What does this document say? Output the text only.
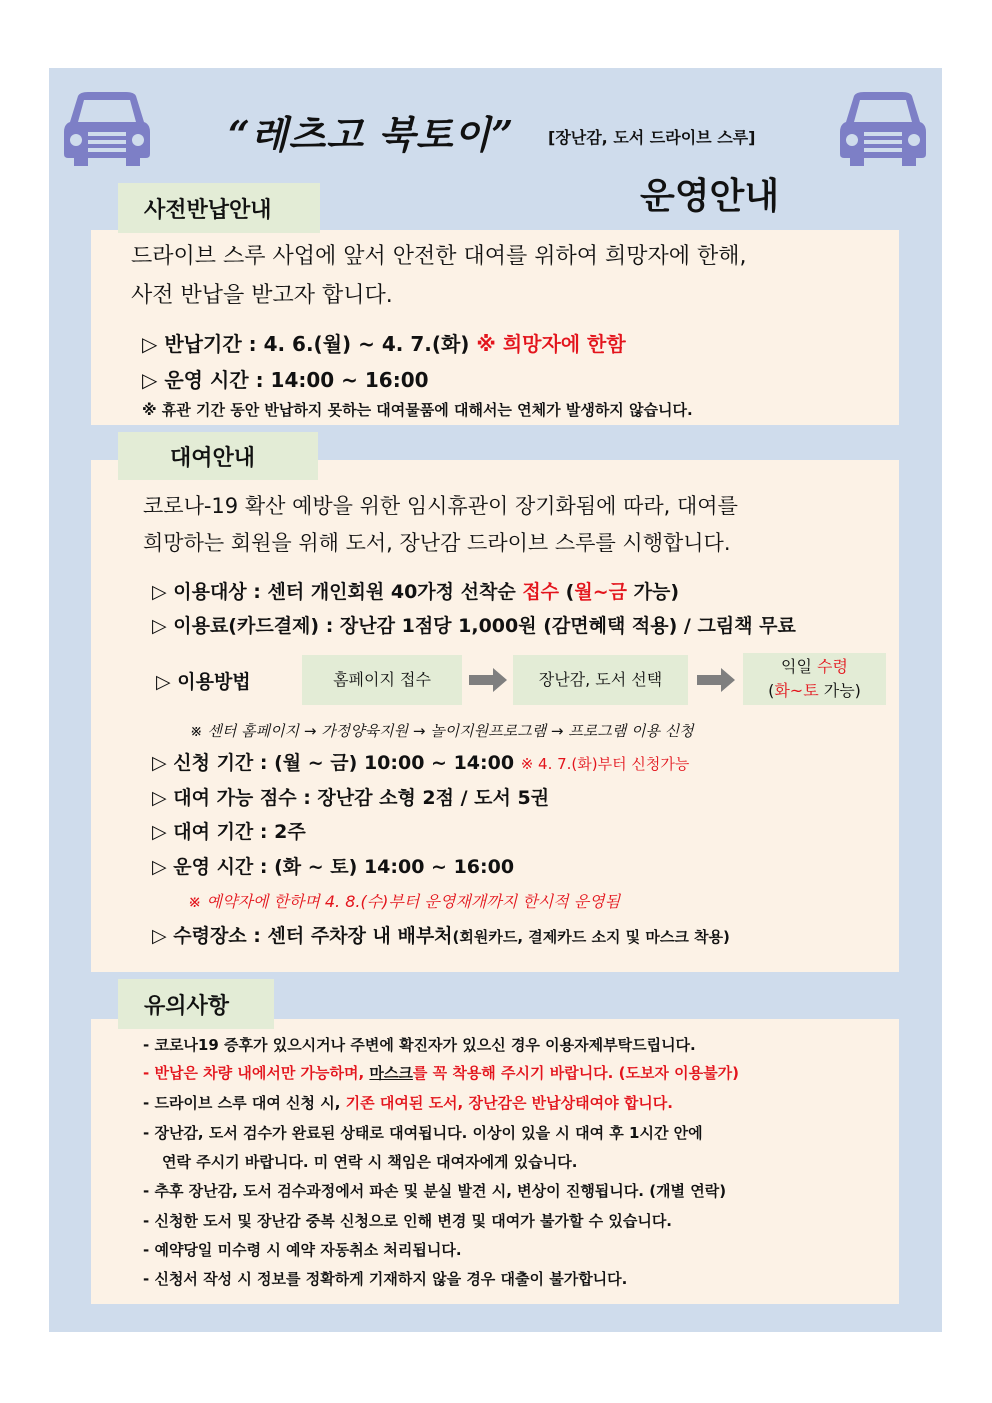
“레츠고 북토이” [장난감, 도서 드라이브 스루]
운영안내
사전반납안내
드라이브 스루 사업에 앞서 안전한 대여를 위하여 희망자에 한해,
사전 반납을 받고자 합니다.
▷ 반납기간 : 4. 6.(월) ~ 4. 7.(화) ※ 희망자에 한함
▷ 운영 시간 : 14:00 ~ 16:00
※ 휴관 기간 동안 반납하지 못하는 대여물품에 대해서는 연체가 발생하지 않습니다.
대여안내
코로나-19 확산 예방을 위한 임시휴관이 장기화됨에 따라, 대여를
희망하는 회원을 위해 도서, 장난감 드라이브 스루를 시행합니다.
▷ 이용대상 : 센터 개인회원 40가정 선착순 접수 (월~금 가능)
▷ 이용료(카드결제) : 장난감 1점당 1,000원 (감면혜택 적용) / 그림책 무료
▷ 이용방법	홈페이지 접수	장난감, 도서 선택
익일 수령
(화~토 가능)
※ 센터 홈페이지 → 가정양육지원 → 놀이지원프로그램 → 프로그램 이용 신청
▷ 신청 기간 : (월 ~ 금) 10:00 ~ 14:00 ※ 4. 7.(화)부터 신청가능
▷ 대여 가능 점수 : 장난감 소형 2점 / 도서 5권
▷ 대여 기간 : 2주
▷ 운영 시간 : (화 ~ 토) 14:00 ~ 16:00
※ 예약자에 한하며 4. 8.(수)부터 운영재개까지 한시적 운영됨
▷ 수령장소 : 센터 주차장 내 배부처(회원카드, 결제카드 소지 및 마스크 착용)
유의사항
- 코로나19 증후가 있으시거나 주변에 확진자가 있으신 경우 이용자제부탁드립니다.
- 반납은 차량 내에서만 가능하며, 마스크를 꼭 착용해 주시기 바랍니다. (도보자 이용불가)
- 드라이브 스루 대여 신청 시, 기존 대여된 도서, 장난감은 반납상태여야 합니다.
- 장난감, 도서 검수가 완료된 상태로 대여됩니다. 이상이 있을 시 대여 후 1시간 안에
연락 주시기 바랍니다. 미 연락 시 책임은 대여자에게 있습니다.
- 추후 장난감, 도서 검수과정에서 파손 및 분실 발견 시, 변상이 진행됩니다. (개별 연락)
- 신청한 도서 및 장난감 중복 신청으로 인해 변경 및 대여가 불가할 수 있습니다.
- 예약당일 미수령 시 예약 자동취소 처리됩니다.
- 신청서 작성 시 정보를 정확하게 기재하지 않을 경우 대출이 불가합니다.
